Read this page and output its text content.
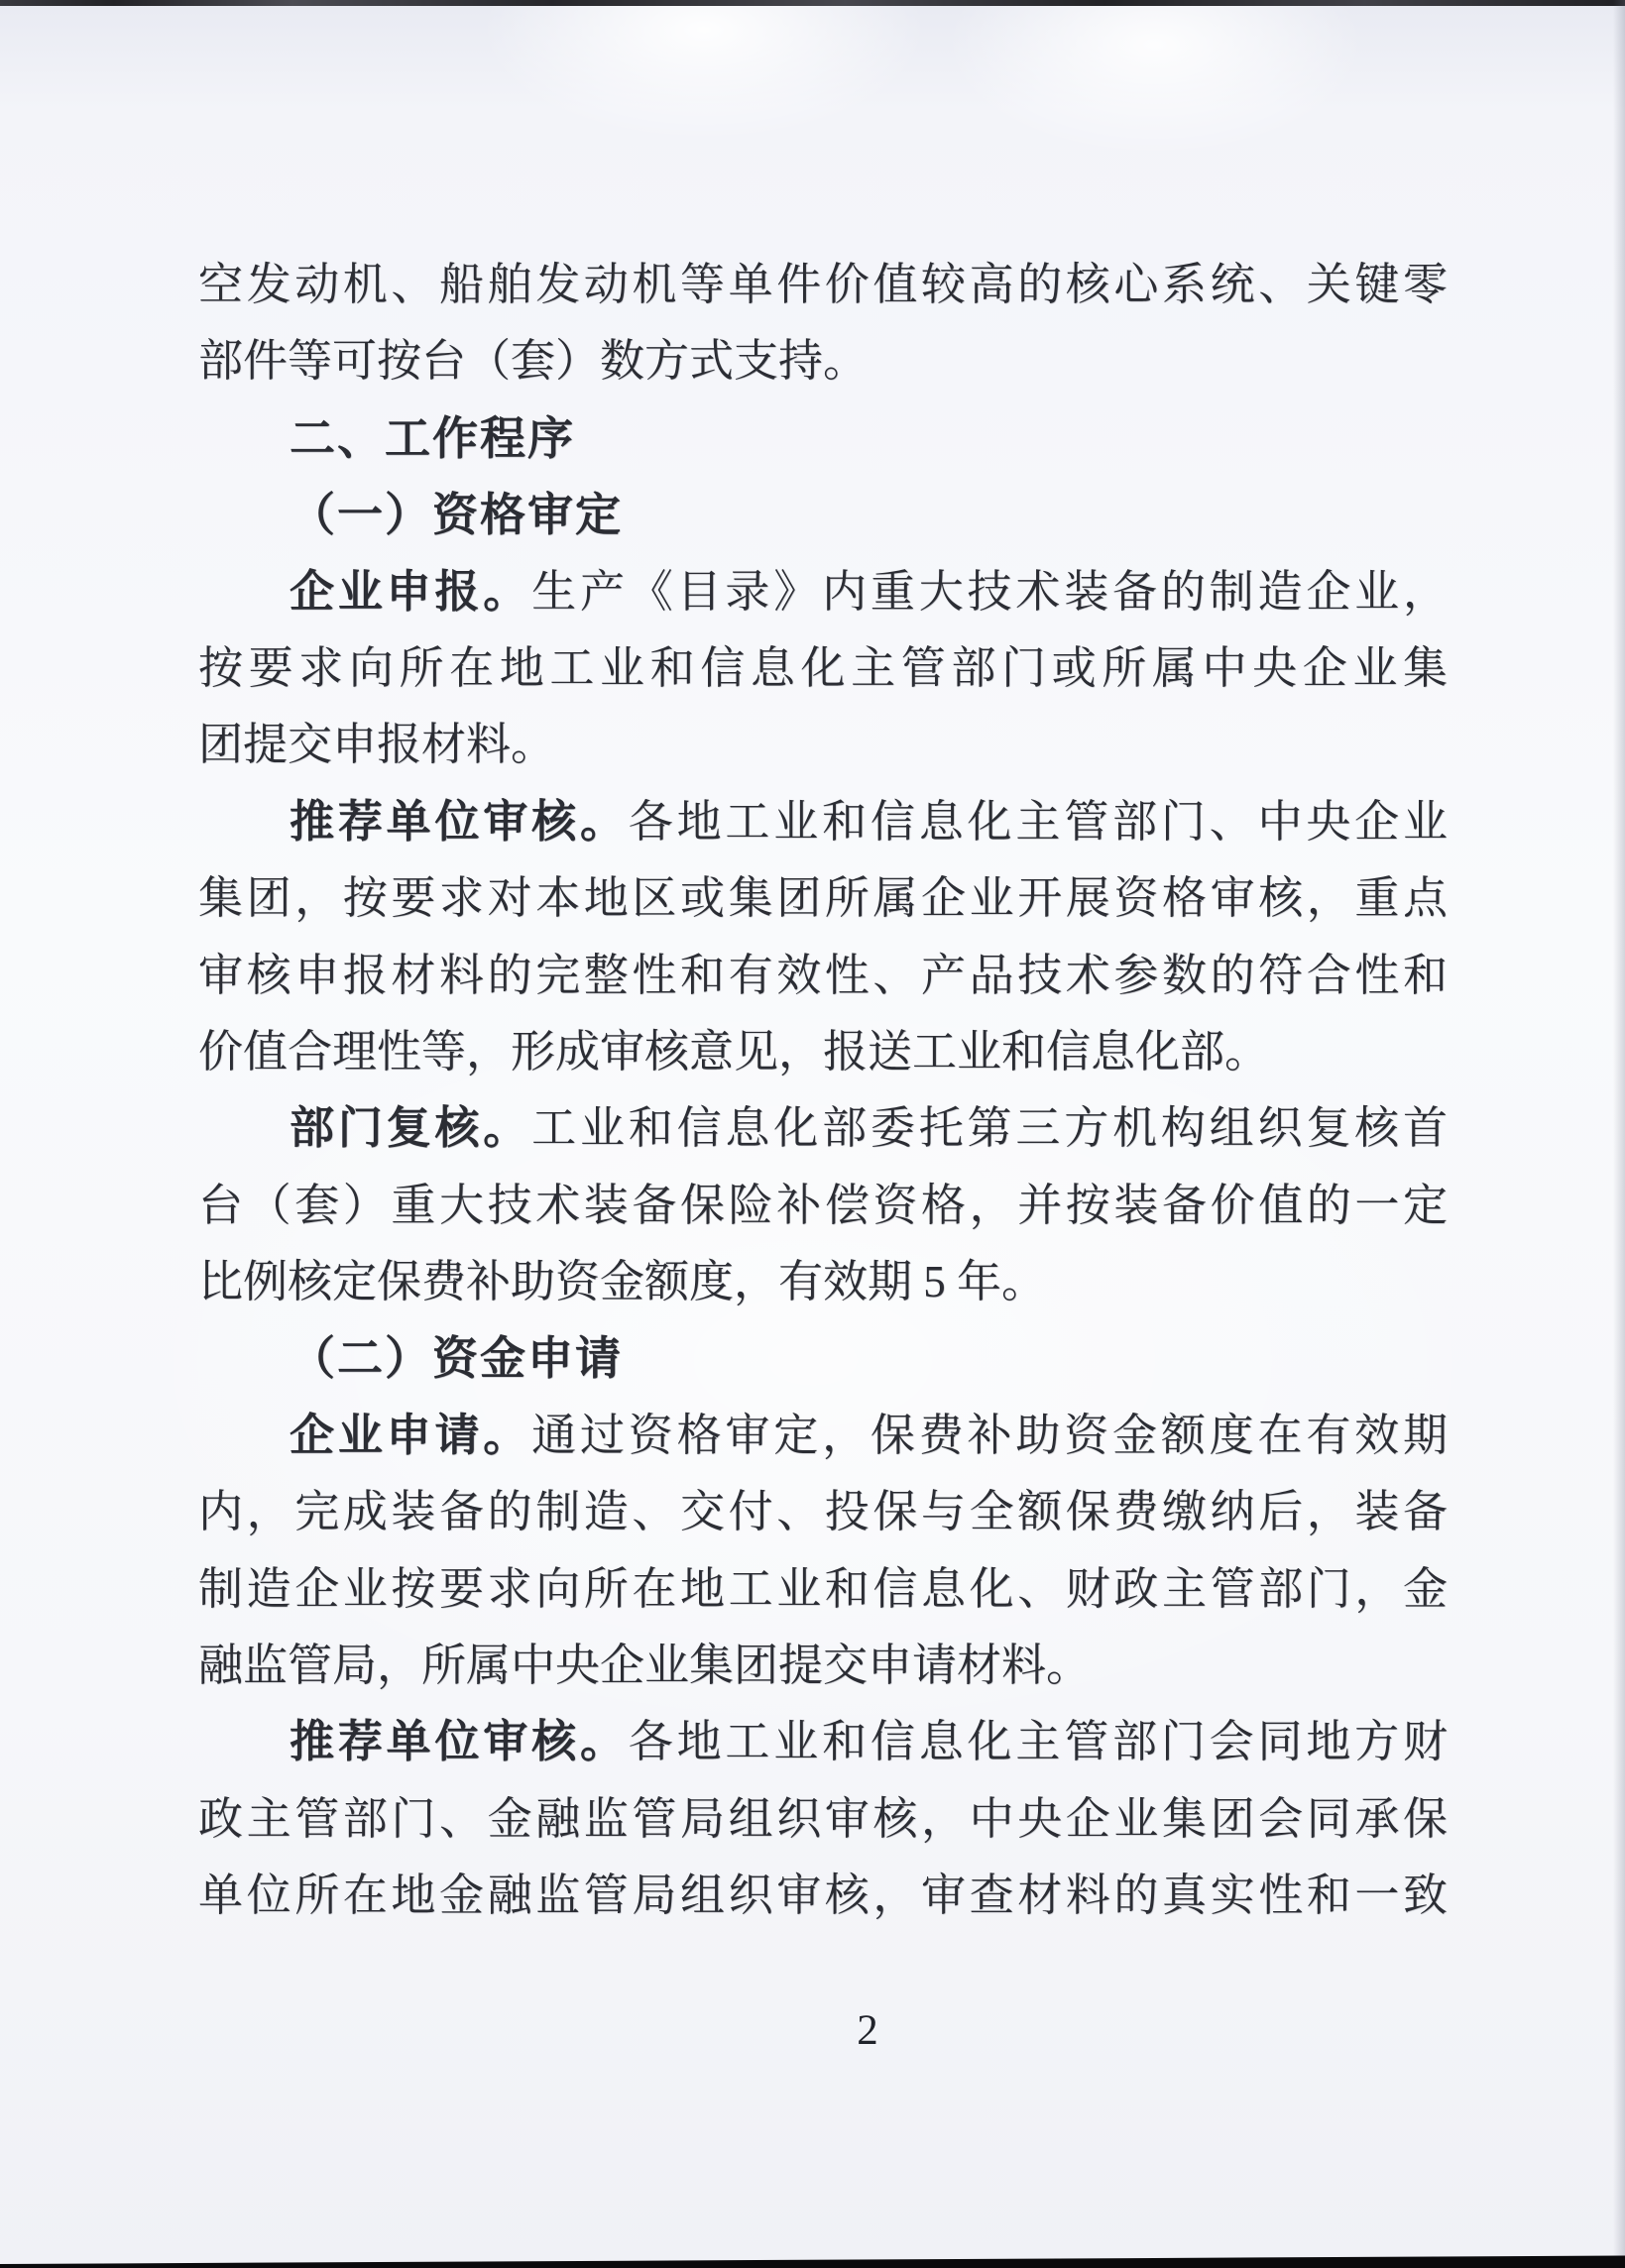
空发动机、船舶发动机等单件价值较高的核心系统、关键零
部件等可按台（套）数方式支持。
二、工作程序
（一）资格审定
企业申报。生产《目录》内重大技术装备的制造企业，
按要求向所在地工业和信息化主管部门或所属中央企业集
团提交申报材料。
推荐单位审核。各地工业和信息化主管部门、中央企业
集团，按要求对本地区或集团所属企业开展资格审核，重点
审核申报材料的完整性和有效性、产品技术参数的符合性和
价值合理性等，形成审核意见，报送工业和信息化部。
部门复核。工业和信息化部委托第三方机构组织复核首
台（套）重大技术装备保险补偿资格，并按装备价值的一定
比例核定保费补助资金额度，有效期 5 年。
（二）资金申请
企业申请。通过资格审定，保费补助资金额度在有效期
内，完成装备的制造、交付、投保与全额保费缴纳后，装备
制造企业按要求向所在地工业和信息化、财政主管部门，金
融监管局，所属中央企业集团提交申请材料。
推荐单位审核。各地工业和信息化主管部门会同地方财
政主管部门、金融监管局组织审核，中央企业集团会同承保
单位所在地金融监管局组织审核，审查材料的真实性和一致
2
